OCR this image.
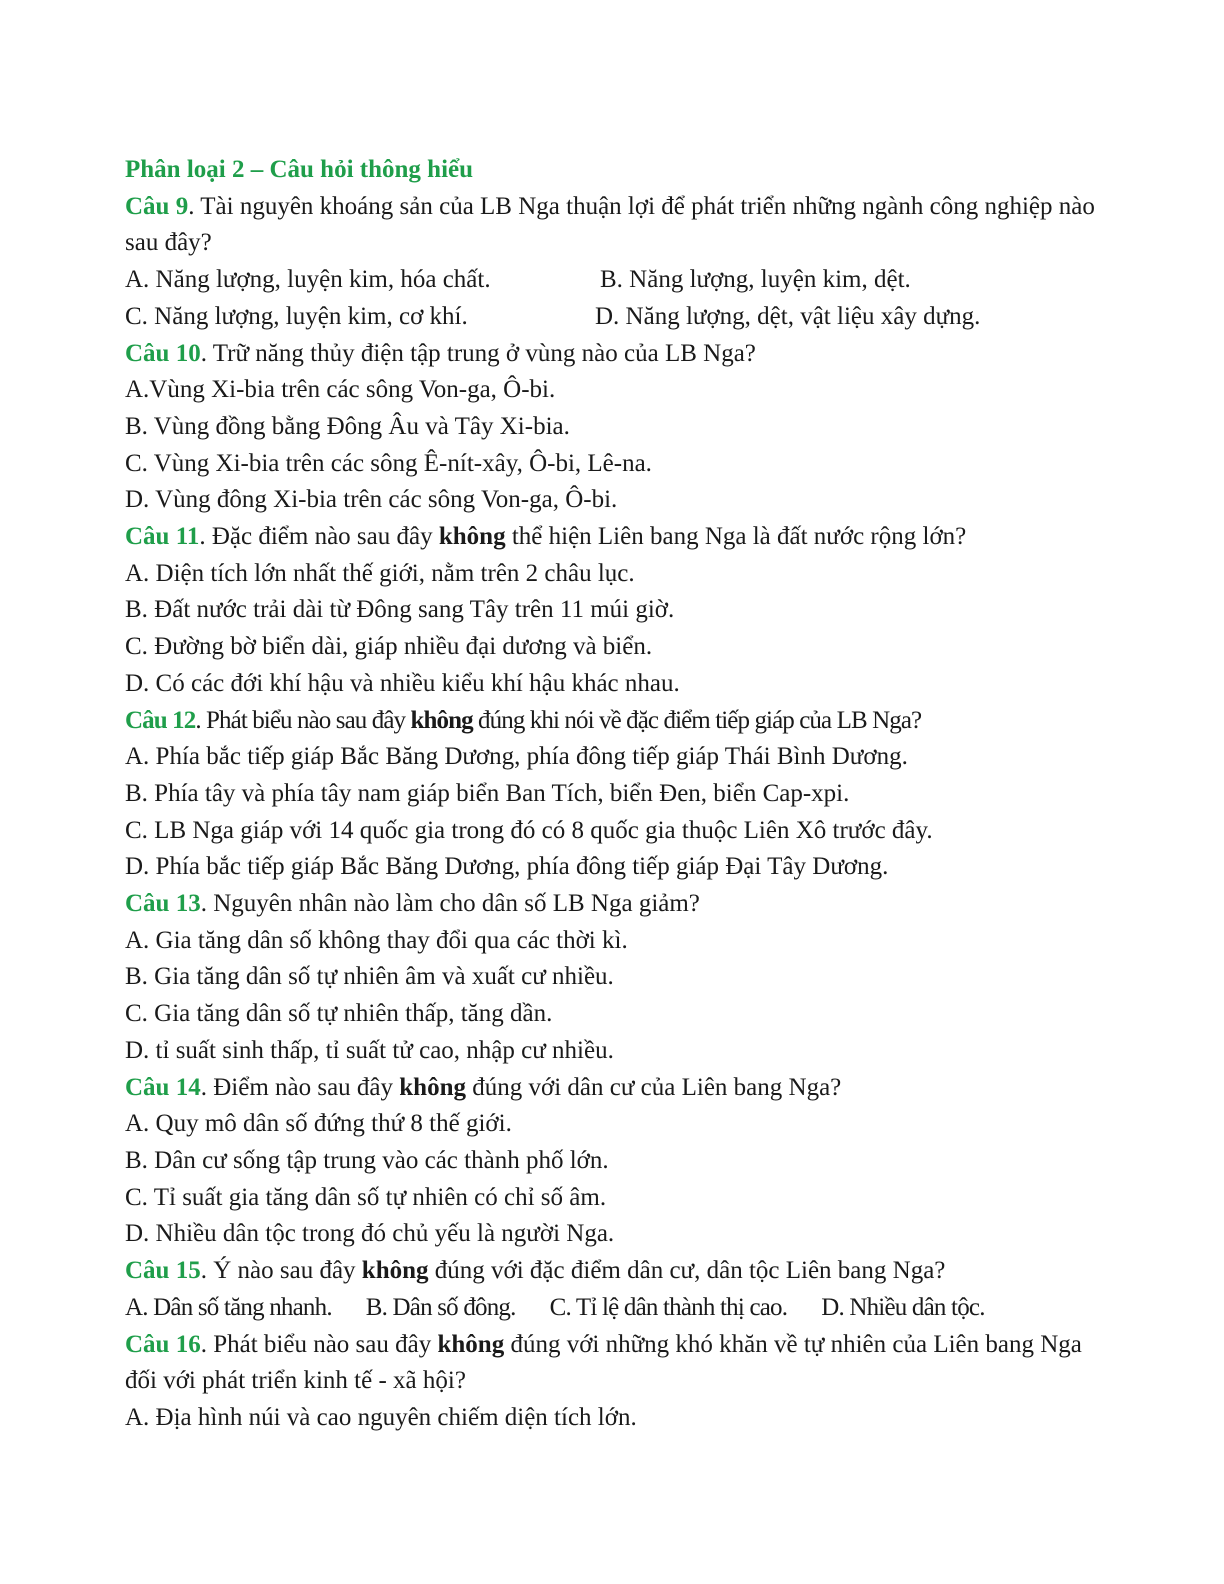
Phân loại 2 – Câu hỏi thông hiểu
Câu 9. Tài nguyên khoáng sản của LB Nga thuận lợi để phát triển những ngành công nghiệp nào sau đây?
A. Năng lượng, luyện kim, hóa chất.	B. Năng lượng, luyện kim, dệt.
C. Năng lượng, luyện kim, cơ khí.	D. Năng lượng, dệt, vật liệu xây dựng.
Câu 10. Trữ năng thủy điện tập trung ở vùng nào của LB Nga?
A.Vùng Xi-bia trên các sông Von-ga, Ô-bi.
B. Vùng đồng bằng Đông Âu và Tây Xi-bia.
C. Vùng Xi-bia trên các sông Ê-nít-xây, Ô-bi, Lê-na.
D. Vùng đông Xi-bia trên các sông Von-ga, Ô-bi.
Câu 11. Đặc điểm nào sau đây không thể hiện Liên bang Nga là đất nước rộng lớn?
A. Diện tích lớn nhất thế giới, nằm trên 2 châu lục.
B. Đất nước trải dài từ Đông sang Tây trên 11 múi giờ.
C. Đường bờ biển dài, giáp nhiều đại dương và biển.
D. Có các đới khí hậu và nhiều kiểu khí hậu khác nhau.
Câu 12. Phát biểu nào sau đây không đúng khi nói về đặc điểm tiếp giáp của LB Nga?
A. Phía bắc tiếp giáp Bắc Băng Dương, phía đông tiếp giáp Thái Bình Dương.
B. Phía tây và phía tây nam giáp biển Ban Tích, biển Đen, biển Cap-xpi.
C. LB Nga giáp với 14 quốc gia trong đó có 8 quốc gia thuộc Liên Xô trước đây.
D. Phía bắc tiếp giáp Bắc Băng Dương, phía đông tiếp giáp Đại Tây Dương.
Câu 13. Nguyên nhân nào làm cho dân số LB Nga giảm?
A. Gia tăng dân số không thay đổi qua các thời kì.
B. Gia tăng dân số tự nhiên âm và xuất cư nhiều.
C. Gia tăng dân số tự nhiên thấp, tăng dần.
D. tỉ suất sinh thấp, tỉ suất tử cao, nhập cư nhiều.
Câu 14. Điểm nào sau đây không đúng với dân cư của Liên bang Nga?
A. Quy mô dân số đứng thứ 8 thế giới.
B. Dân cư sống tập trung vào các thành phố lớn.
C. Tỉ suất gia tăng dân số tự nhiên có chỉ số âm.
D. Nhiều dân tộc trong đó chủ yếu là người Nga.
Câu 15. Ý nào sau đây không đúng với đặc điểm dân cư, dân tộc Liên bang Nga?
A. Dân số tăng nhanh. B. Dân số đông. C. Tỉ lệ dân thành thị cao. D. Nhiều dân tộc.
Câu 16. Phát biểu nào sau đây không đúng với những khó khăn về tự nhiên của Liên bang Nga đối với phát triển kinh tế - xã hội?
A. Địa hình núi và cao nguyên chiếm diện tích lớn.
